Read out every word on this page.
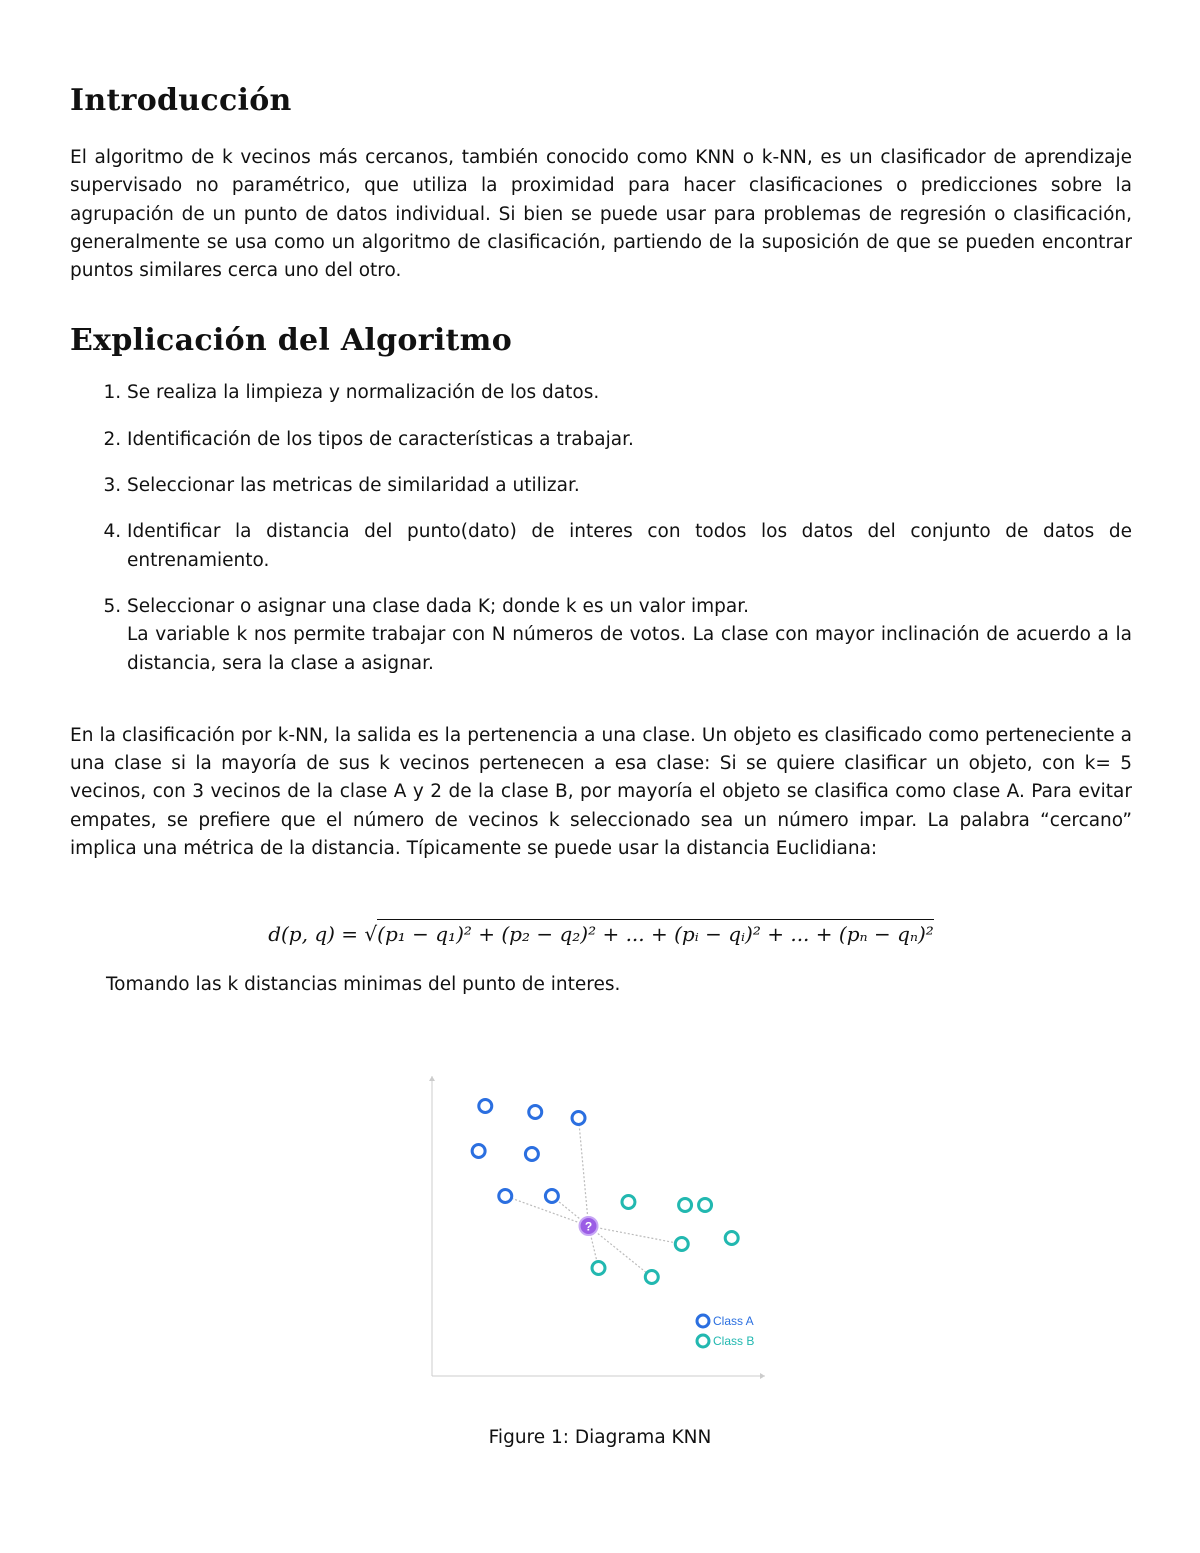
Introducción

El algoritmo de k vecinos más cercanos, también conocido como KNN o k-NN, es un clasificador de aprendizaje supervisado no paramétrico, que utiliza la proximidad para hacer clasificaciones o predicciones sobre la agrupación de un punto de datos individual. Si bien se puede usar para problemas de regresión o clasificación, generalmente se usa como un algoritmo de clasificación, partiendo de la suposición de que se pueden encontrar puntos similares cerca uno del otro.

Explicación del Algoritmo
1. Se realiza la limpieza y normalización de los datos.
2. Identificación de los tipos de características a trabajar.
3. Seleccionar las metricas de similaridad a utilizar.
4. Identificar la distancia del punto(dato) de interes con todos los datos del conjunto de datos de entrenamiento.
5. Seleccionar o asignar una clase dada K; donde k es un valor impar.
La variable k nos permite trabajar con N números de votos. La clase con mayor inclinación de acuerdo a la distancia, sera la clase a asignar.

En la clasificación por k-NN, la salida es la pertenencia a una clase. Un objeto es clasificado como perteneciente a una clase si la mayoría de sus k vecinos pertenecen a esa clase: Si se quiere clasificar un objeto, con k= 5 vecinos, con 3 vecinos de la clase A y 2 de la clase B, por mayoría el objeto se clasifica como clase A. Para evitar empates, se prefiere que el número de vecinos k seleccionado sea un número impar. La palabra “cercano” implica una métrica de la distancia. Típicamente se puede usar la distancia Euclidiana:

d(p, q) = √(p₁ − q₁)² + (p₂ − q₂)² + ... + (pᵢ − qᵢ)² + ... + (pₙ − qₙ)²

Tomando las k distancias minimas del punto de interes.

?
Class A
Class B
Figure 1: Diagrama KNN
